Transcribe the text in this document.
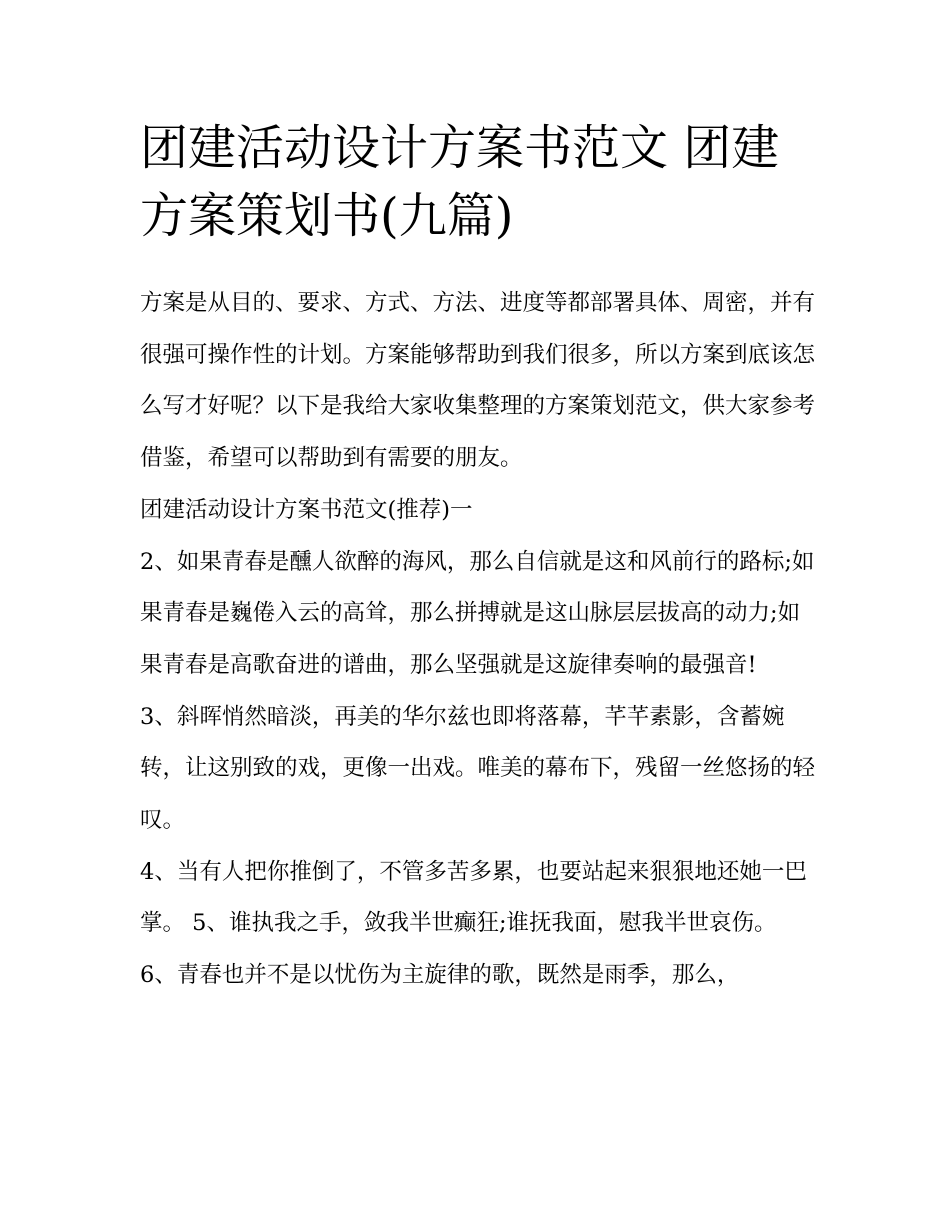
团建活动设计方案书范文 团建方案策划书(九篇)

方案是从目的、要求、方式、方法、进度等都部署具体、周密，并有很强可操作性的计划。方案能够帮助到我们很多，所以方案到底该怎么写才好呢？以下是我给大家收集整理的方案策划范文，供大家参考借鉴，希望可以帮助到有需要的朋友。

团建活动设计方案书范文(推荐)一

2、如果青春是醺人欲醉的海风，那么自信就是这和风前行的路标;如果青春是巍倦入云的高耸，那么拼搏就是这山脉层层拔高的动力;如果青春是高歌奋进的谱曲，那么坚强就是这旋律奏响的最强音!

3、斜晖悄然暗淡，再美的华尔兹也即将落幕，芊芊素影，含蓄婉转，让这别致的戏，更像一出戏。唯美的幕布下，残留一丝悠扬的轻叹。

4、当有人把你推倒了，不管多苦多累，也要站起来狠狠地还她一巴掌。 5、谁执我之手，敛我半世癫狂;谁抚我面，慰我半世哀伤。

6、青春也并不是以忧伤为主旋律的歌，既然是雨季，那么，
